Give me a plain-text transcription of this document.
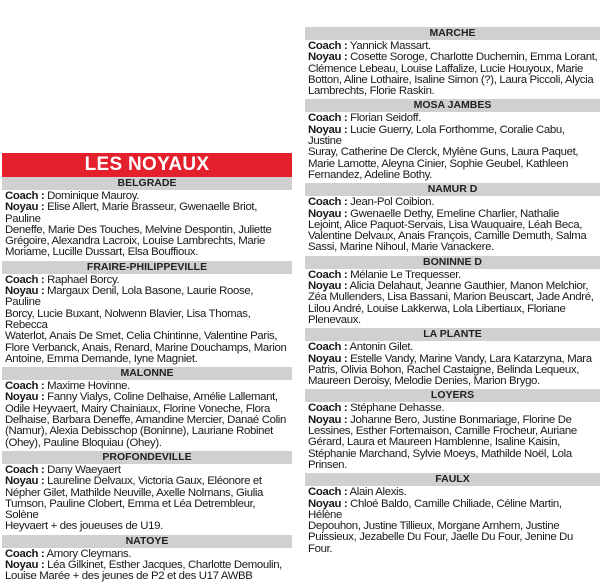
LES NOYAUX
BELGRADE
Coach : Dominique Mauroy.
Noyau : Elise Allert, Marie Brasseur, Gwenaelle Briot, Pauline
Deneffe, Marie Des Touches, Melvine Despontin, Juliette
Grégoire, Alexandra Lacroix, Louise Lambrechts, Marie
Moriame, Lucille Dussart, Elsa Bouffioux.
FRAIRE-PHILIPPEVILLE
Coach : Raphael Borcy.
Noyau : Margaux Denil, Lola Basone, Laurie Roose, Pauline
Borcy, Lucie Buxant, Nolwenn Blavier, Lisa Thomas, Rebecca
Waterlot, Anais De Smet, Celia Chintinne, Valentine Paris,
Flore Verbanck, Anais, Renard, Marine Douchamps, Marion
Antoine, Emma Demande, Iyne Magniet.
MALONNE
Coach : Maxime Hovinne.
Noyau : Fanny Vialys, Coline Delhaise, Amélie Lallemant,
Odile Heyvaert, Mairy Chainiaux, Florine Voneche, Flora
Delhaise, Barbara Deneffe, Amandine Mercier, Danaé Colin
(Namur), Alexia Debisschop (Boninne), Lauriane Robinet
(Ohey), Pauline Bloquiau (Ohey).
PROFONDEVILLE
Coach : Dany Waeyaert
Noyau : Laureline Delvaux, Victoria Gaux, Eléonore et
Népher Gilet, Mathilde Neuville, Axelle Nolmans, Giulia
Tumson, Pauline Clobert, Emma et Léa Detrembleur, Solène
Heyvaert + des joueuses de U19.
NATOYE
Coach : Amory Cleymans.
Noyau : Léa Gilkinet, Esther Jacques, Charlotte Demoulin,
Louise Marée + des jeunes de P2 et des U17 AWBB
MARCHE
Coach : Yannick Massart.
Noyau : Cosette Soroge, Charlotte Duchemin, Emma Lorant,
Clémence Lebeau, Louise Laffalize, Lucie Houyoux, Marie
Botton, Aline Lothaire, Isaline Simon (?), Laura Piccoli, Alycia
Lambrechts, Florie Raskin.
MOSA JAMBES
Coach : Florian Seidoff.
Noyau : Lucie Guerry, Lola Forthomme, Coralie Cabu, Justine
Suray, Catherine De Clerck, Mylène Guns, Laura Paquet,
Marie Lamotte, Aleyna Cinier, Sophie Geubel, Kathleen
Fernandez, Adeline Bothy.
NAMUR D
Coach : Jean-Pol Coibion.
Noyau : Gwenaelle Dethy, Emeline Charlier, Nathalie
Lejoint, Alice Paquot-Servais, Lisa Wauquaire, Léah Beca,
Valentine Delvaux, Anais François, Camille Demuth, Salma
Sassi, Marine Nihoul, Marie Vanackere.
BONINNE D
Coach : Mélanie Le Trequesser.
Noyau : Alicia Delahaut, Jeanne Gauthier, Manon Melchior,
Zéa Mullenders, Lisa Bassani, Marion Beuscart, Jade André,
Lilou André, Louise Lakkerwa, Lola Libertiaux, Floriane
Plenevaux.
LA PLANTE
Coach : Antonin Gilet.
Noyau : Estelle Vandy, Marine Vandy, Lara Katarzyna, Mara
Patris, Olivia Bohon, Rachel Castaigne, Belinda Lequeux,
Maureen Deroisy, Melodie Denies, Marion Brygo.
LOYERS
Coach : Stéphane Dehasse.
Noyau : Johanne Bero, Justine Bonmariage, Florine De
Lessines, Esther Fortemaison, Camille Frocheur, Auriane
Gérard, Laura et Maureen Hamblenne, Isaline Kaisin,
Stéphanie Marchand, Sylvie Moeys, Mathilde Noël, Lola
Prinsen.
FAULX
Coach : Alain Alexis.
Noyau : Chloé Baldo, Camille Chiliade, Céline Martin, Hélène
Depouhon, Justine Tillieux, Morgane Arnhem, Justine
Puissieux, Jezabelle Du Four, Jaelle Du Four, Jenine Du Four.
